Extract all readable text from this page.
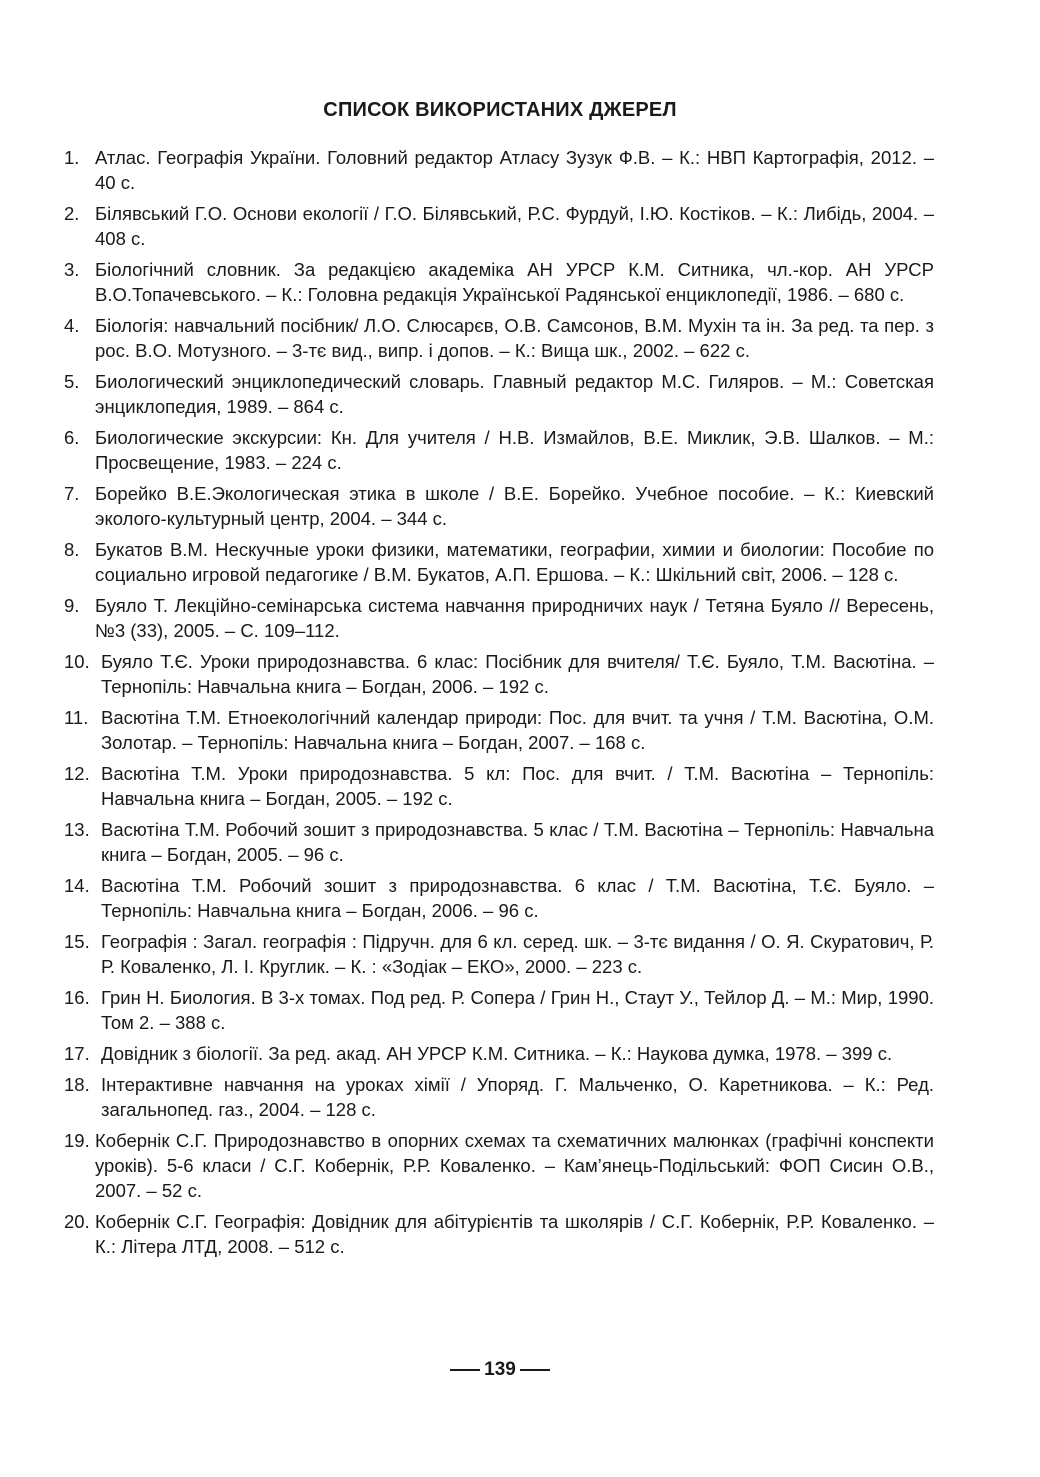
СПИСОК ВИКОРИСТАНИХ ДЖЕРЕЛ
1. Атлас. Географія України. Головний редактор Атласу Зузук Ф.В. – К.: НВП Картографія, 2012. – 40 с.
2. Білявський Г.О. Основи екології / Г.О. Білявський, Р.С. Фурдуй, І.Ю. Костіков. – К.: Либідь, 2004. – 408 с.
3. Біологічний словник. За редакцією академіка АН УРСР К.М. Ситника, чл.-кор. АН УРСР В.О.Топачевського. – К.: Головна редакція Української Радянської енциклопедії, 1986. – 680 с.
4. Біологія: навчальний посібник/ Л.О. Слюсарєв, О.В. Самсонов, В.М. Мухін та ін. За ред. та пер. з рос. В.О. Мотузного. – 3-тє вид., випр. і допов. – К.: Вища шк., 2002. – 622 с.
5. Биологический энциклопедический словарь. Главный редактор М.С. Гиляров. – М.: Советская энциклопедия, 1989. – 864 с.
6. Биологические экскурсии: Кн. Для учителя / Н.В. Измайлов, В.Е. Миклик, Э.В. Шалков. – М.: Просвещение, 1983. – 224 с.
7. Борейко В.Е.Экологическая этика в школе / В.Е. Борейко. Учебное пособие. – К.: Киевский эколого-культурный центр, 2004. – 344 с.
8. Букатов В.М. Нескучные уроки физики, математики, географии, химии и биологии: Пособие по социально игровой педагогике / В.М. Букатов, А.П. Ершова. – К.: Шкільний світ, 2006. – 128 с.
9. Буяло Т. Лекційно-семінарська система навчання природничих наук / Тетяна Буяло // Вересень, №3 (33), 2005. – С. 109–112.
10. Буяло Т.Є. Уроки природознавства. 6 клас: Посібник для вчителя/ Т.Є. Буяло, Т.М. Васютіна. – Тернопіль: Навчальна книга – Богдан, 2006. – 192 с.
11. Васютіна Т.М. Етноекологічний календар природи: Пос. для вчит. та учня / Т.М. Васютіна, О.М. Золотар. – Тернопіль: Навчальна книга – Богдан, 2007. – 168 с.
12. Васютіна Т.М. Уроки природознавства. 5 кл: Пос. для вчит. / Т.М. Васютіна – Тернопіль: Навчальна книга – Богдан, 2005. – 192 с.
13. Васютіна Т.М. Робочий зошит з природознавства. 5 клас / Т.М. Васютіна – Тернопіль: Навчальна книга – Богдан, 2005. – 96 с.
14. Васютіна Т.М. Робочий зошит з природознавства. 6 клас / Т.М. Васютіна, Т.Є. Буяло. – Тернопіль: Навчальна книга – Богдан, 2006. – 96 с.
15. Географія : Загал. географія : Підручн. для 6 кл. серед. шк. – 3-тє видання / О. Я. Скуратович, Р. Р. Коваленко, Л. І. Круглик. – К. : «Зодіак – ЕКО», 2000. – 223 с.
16. Грин Н. Биология. В 3-х томах. Под ред. Р. Сопера / Грин Н., Стаут У., Тейлор Д. – М.: Мир, 1990. Том 2. – 388 с.
17. Довідник з біології. За ред. акад. АН УРСР К.М. Ситника. – К.: Наукова думка, 1978. – 399 с.
18. Інтерактивне навчання на уроках хімії / Упоряд. Г. Мальченко, О. Каретникова. – К.: Ред. загальнопед. газ., 2004. – 128 с.
19. Кобернік С.Г. Природознавство в опорних схемах та схематичних малюнках (графічні конспекти уроків). 5-6 класи / С.Г. Кобернік, Р.Р. Коваленко. – Кам’янець-Подільський: ФОП Сисин О.В., 2007. – 52 с.
20. Кобернік С.Г. Географія: Довідник для абітурієнтів та школярів / С.Г. Кобернік, Р.Р. Коваленко. – К.: Літера ЛТД, 2008. – 512 с.
139
